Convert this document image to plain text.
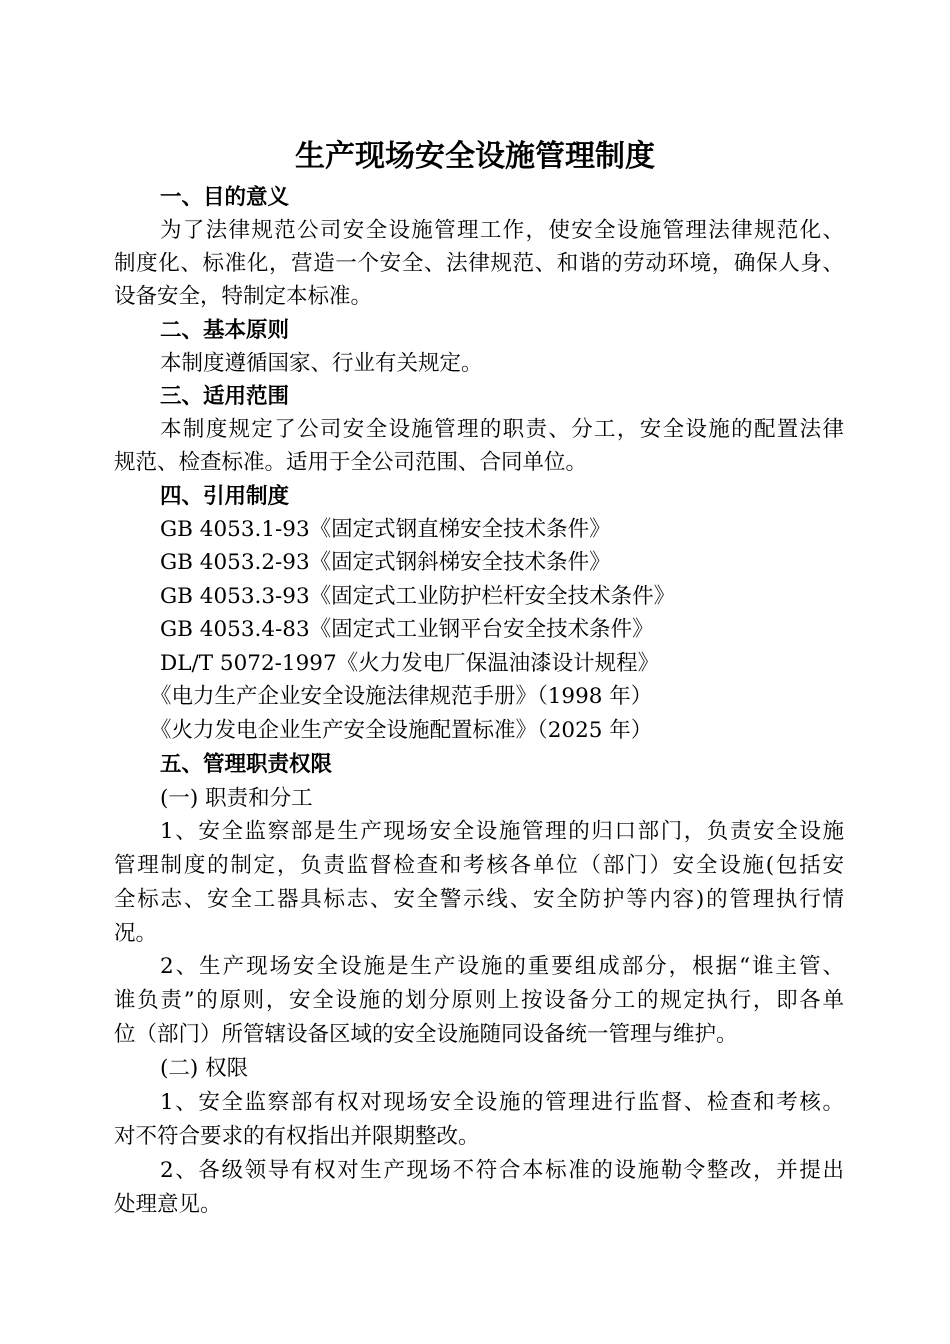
生产现场安全设施管理制度
一、目的意义
为了法律规范公司安全设施管理工作，使安全设施管理法律规范化、
制度化、标准化，营造一个安全、法律规范、和谐的劳动环境，确保人身、
设备安全，特制定本标准。
二、基本原则
本制度遵循国家、行业有关规定。
三、适用范围
本制度规定了公司安全设施管理的职责、分工，安全设施的配置法律
规范、检查标准。适用于全公司范围、合同单位。
四、引用制度
GB 4053.1-93《固定式钢直梯安全技术条件》
GB 4053.2-93《固定式钢斜梯安全技术条件》
GB 4053.3-93《固定式工业防护栏杆安全技术条件》
GB 4053.4-83《固定式工业钢平台安全技术条件》
DL/T 5072-1997《火力发电厂保温油漆设计规程》
《电力生产企业安全设施法律规范手册》（1998 年）
《火力发电企业生产安全设施配置标准》（2025 年）
五、管理职责权限
(一) 职责和分工
1、安全监察部是生产现场安全设施管理的归口部门，负责安全设施
管理制度的制定，负责监督检查和考核各单位（部门）安全设施(包括安
全标志、安全工器具标志、安全警示线、安全防护等内容)的管理执行情
况。
2、生产现场安全设施是生产设施的重要组成部分，根据“谁主管、
谁负责”的原则，安全设施的划分原则上按设备分工的规定执行，即各单
位（部门）所管辖设备区域的安全设施随同设备统一管理与维护。
(二) 权限
1、安全监察部有权对现场安全设施的管理进行监督、检查和考核。
对不符合要求的有权指出并限期整改。
2、各级领导有权对生产现场不符合本标准的设施勒令整改，并提出
处理意见。
